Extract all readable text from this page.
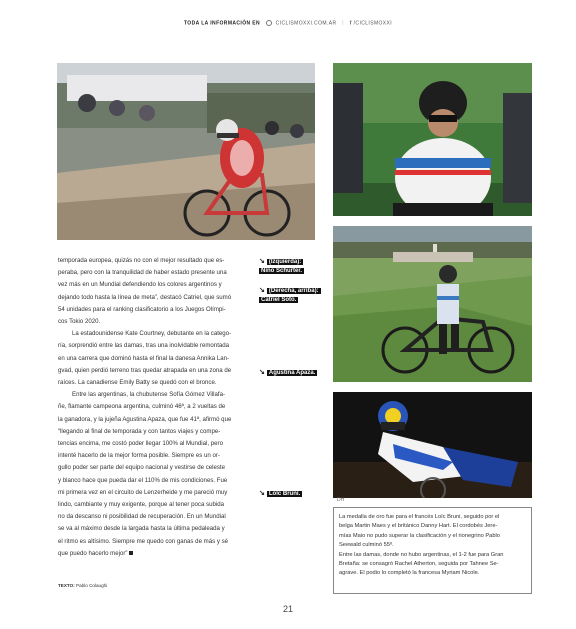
TODA LA INFORMACIÓN EN	CICLISMOXXI.COM.AR | f /CICLISMOXXI

temporada europea, quizás no con el mejor resultado que es-

peraba, pero con la tranquilidad de haber estado presente una

vez más en un Mundial defendiendo los colores argentinos y

dejando todo hasta la línea de meta”, destacó Catriel, que sumó

54 unidades para el ranking clasificatorio a los Juegos Olímpi-

cos Tokio 2020.

La estadounidense Kate Courtney, debutante en la catego-

ría, sorprendió entre las damas, tras una inolvidable remontada

en una carrera que dominó hasta el final la danesa Annika Lan-

gvad, quien perdió terreno tras quedar atrapada en una zona de

raíces. La canadiense Emily Batty se quedó con el bronce.

Entre las argentinas, la chubutense Sofía Gómez Villafa-

ñe, flamante campeona argentina, culminó 46ª, a 2 vueltas de

la ganadora, y la jujeña Agustina Apaza, que fue 41ª, afirmó que

“llegando al final de temporada y con tantos viajes y compe-

tencias encima, me costó poder llegar 100% al Mundial, pero

intenté hacerlo de la mejor forma posible. Siempre es un or-

gullo poder ser parte del equipo nacional y vestirse de celeste

y blanco hace que pueda dar el 110% de mis condiciones. Fue

mi primera vez en el circuito de Lenzerheide y me pareció muy

lindo, cambiante y muy exigente, porque al tener poca subida

no da descanso ni posibilidad de recuperación. En un Mundial

se va al máximo desde la largada hasta la última pedaleada y

el ritmo es altísimo. Siempre me quedo con ganas de más y sé

que puedo hacerlo mejor”

TEXTO: Pablo Colaughi
↘ (Izquierda):
Nino Schurter.
↘ (Derecha, arriba):
Catriel Soto.
↘ Agustina Apaza.
↘ Loïc Bruni.
DH

La medalla de oro fue para el francés Loïc Bruni, seguido por el

belga Martin Maes y el británico Danny Hart. El cordobés Jere-

mías Maio no pudo superar la clasificación y el rionegrino Pablo

Seewald culminó 55º.

Entre las damas, donde no hubo argentinas, el 1-2 fue para Gran

Bretaña: se consagró Rachel Atherton, seguida por Tahnee Se-

agrave. El podio lo completó la francesa Myriam Nicole.

21
